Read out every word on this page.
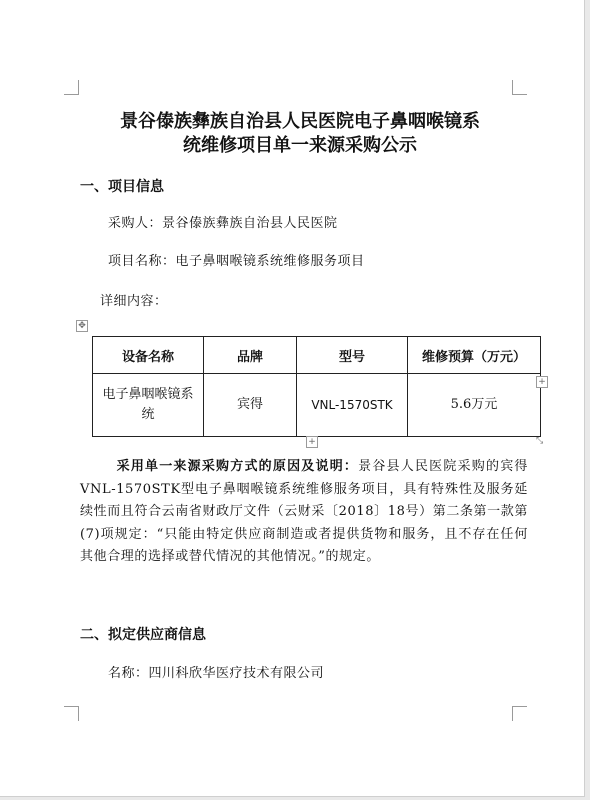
景谷傣族彝族自治县人民医院电子鼻咽喉镜系
统维修项目单一来源采购公示
一、项目信息
采购人：景谷傣族彝族自治县人民医院
项目名称：电子鼻咽喉镜系统维修服务项目
详细内容：
✥
设备名称	品牌	型号	维修预算（万元）
电子鼻咽喉镜系统	宾得	VNL-1570STK	5.6万元
+
+	⤡
采用单一来源采购方式的原因及说明：景谷县人民医院采购的宾得VNL-1570STK型电子鼻咽喉镜系统维修服务项目，具有特殊性及服务延续性而且符合云南省财政厅文件（云财采〔2018〕18号）第二条第一款第(7)项规定：“只能由特定供应商制造或者提供货物和服务，且不存在任何其他合理的选择或替代情况的其他情况。”的规定。
二、拟定供应商信息
名称：四川科欣华医疗技术有限公司
